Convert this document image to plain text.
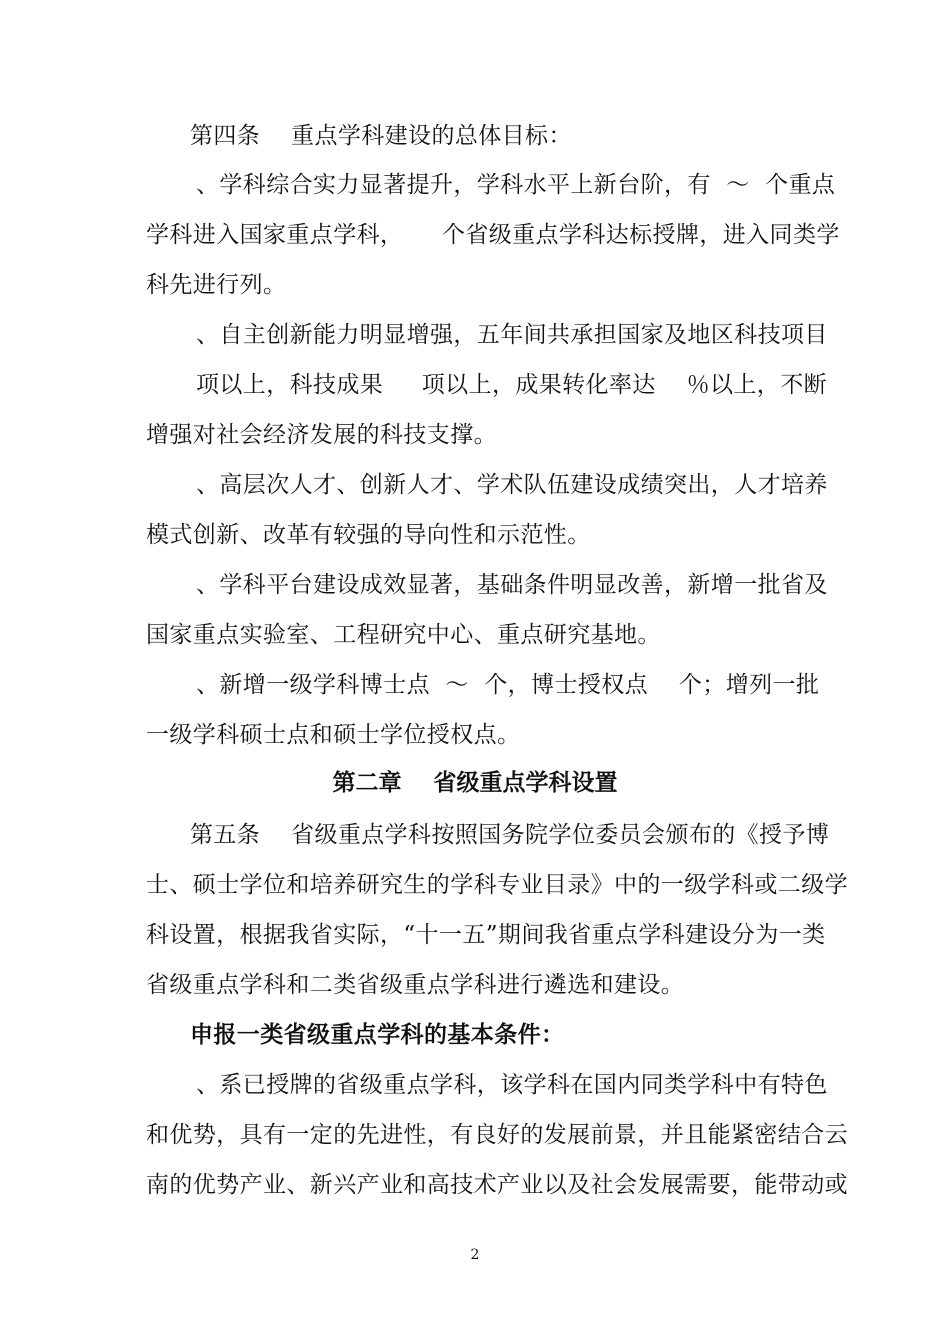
第四条    重点学科建设的总体目标：
、学科综合实力显著提升，学科水平上新台阶，有  ～  个重点
学科进入国家重点学科，     个省级重点学科达标授牌，进入同类学
科先进行列。
、自主创新能力明显增强，五年间共承担国家及地区科技项目
项以上，科技成果     项以上，成果转化率达    ％以上，不断
增强对社会经济发展的科技支撑。
、高层次人才、创新人才、学术队伍建设成绩突出，人才培养
模式创新、改革有较强的导向性和示范性。
、学科平台建设成效显著，基础条件明显改善，新增一批省及
国家重点实验室、工程研究中心、重点研究基地。
、新增一级学科博士点  ～  个，博士授权点    个；增列一批
一级学科硕士点和硕士学位授权点。
第二章    省级重点学科设置
第五条    省级重点学科按照国务院学位委员会颁布的《授予博
士、硕士学位和培养研究生的学科专业目录》中的一级学科或二级学
科设置，根据我省实际，“十一五”期间我省重点学科建设分为一类
省级重点学科和二类省级重点学科进行遴选和建设。
申报一类省级重点学科的基本条件：
、系已授牌的省级重点学科，该学科在国内同类学科中有特色
和优势，具有一定的先进性，有良好的发展前景，并且能紧密结合云
南的优势产业、新兴产业和高技术产业以及社会发展需要，能带动或
2
